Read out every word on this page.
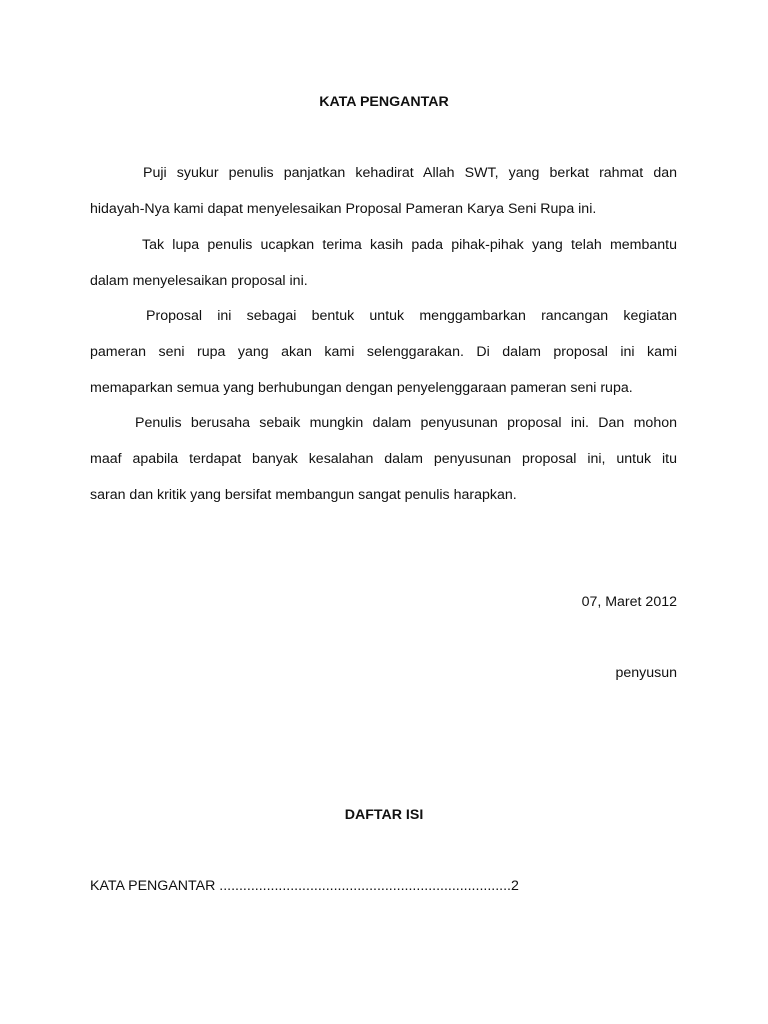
KATA PENGANTAR
Puji syukur penulis panjatkan kehadirat Allah SWT, yang berkat rahmat dan
hidayah-Nya kami dapat menyelesaikan Proposal Pameran Karya Seni Rupa ini.
Tak lupa penulis ucapkan terima kasih pada pihak-pihak yang telah membantu
dalam menyelesaikan proposal ini.
Proposal ini sebagai bentuk untuk menggambarkan rancangan kegiatan
pameran seni rupa yang akan kami selenggarakan. Di dalam proposal ini kami
memaparkan semua yang berhubungan dengan penyelenggaraan pameran seni rupa.
Penulis berusaha sebaik mungkin dalam penyusunan proposal ini. Dan mohon
maaf apabila terdapat banyak kesalahan dalam penyusunan proposal ini, untuk itu
saran dan kritik yang bersifat membangun sangat penulis harapkan.

07, Maret 2012

penyusun

DAFTAR ISI

KATA PENGANTAR ..........................................................................2
